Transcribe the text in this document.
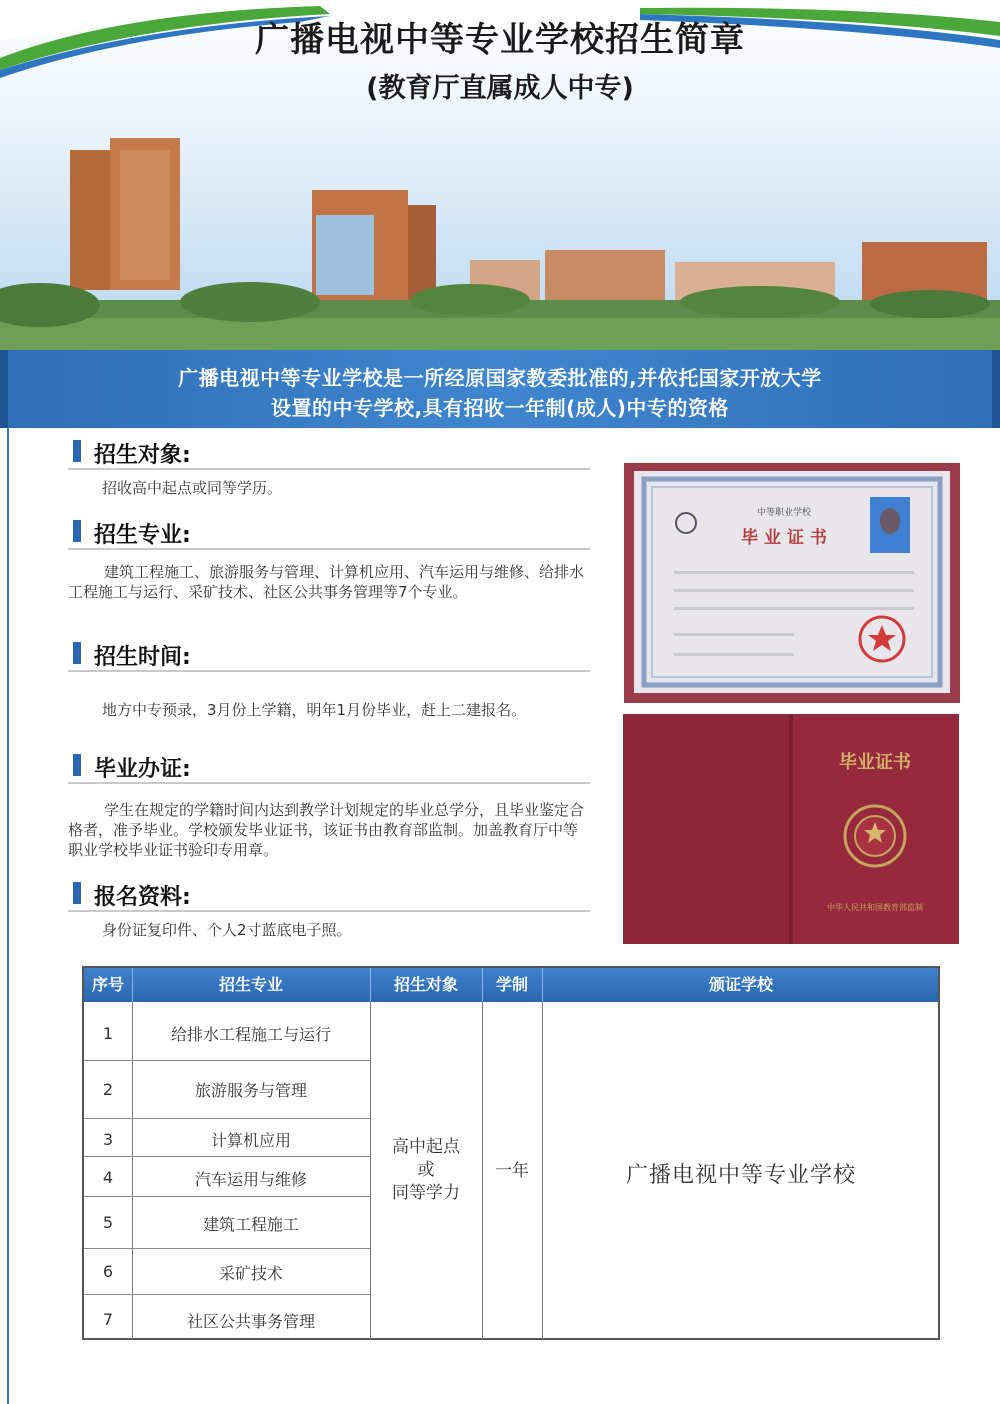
广播电视中等专业学校招生简章
(教育厅直属成人中专)
广播电视中等专业学校是一所经原国家教委批准的,并依托国家开放大学
设置的中专学校,具有招收一年制(成人)中专的资格
招生对象:
招收高中起点或同等学历。
招生专业:
建筑工程施工、旅游服务与管理、计算机应用、汽车运用与维修、给排水工程施工与运行、采矿技术、社区公共事务管理等7个专业。
招生时间:
地方中专预录，3月份上学籍，明年1月份毕业，赶上二建报名。
毕业办证:
学生在规定的学籍时间内达到教学计划规定的毕业总学分，且毕业鉴定合格者，准予毕业。学校颁发毕业证书，该证书由教育部监制。加盖教育厅中等职业学校毕业证书验印专用章。
报名资料:
身份证复印件、个人2寸蓝底电子照。
中等职业学校
毕 业 证 书
毕业证书
中华人民共和国教育部监制
序号	招生专业	招生对象	学制	颁证学校
1	给排水工程施工与运行
2	旅游服务与管理
3	计算机应用
4	汽车运用与维修
5	建筑工程施工
6	采矿技术
7	社区公共事务管理
高中起点
或
同等学力
一年	广播电视中等专业学校
